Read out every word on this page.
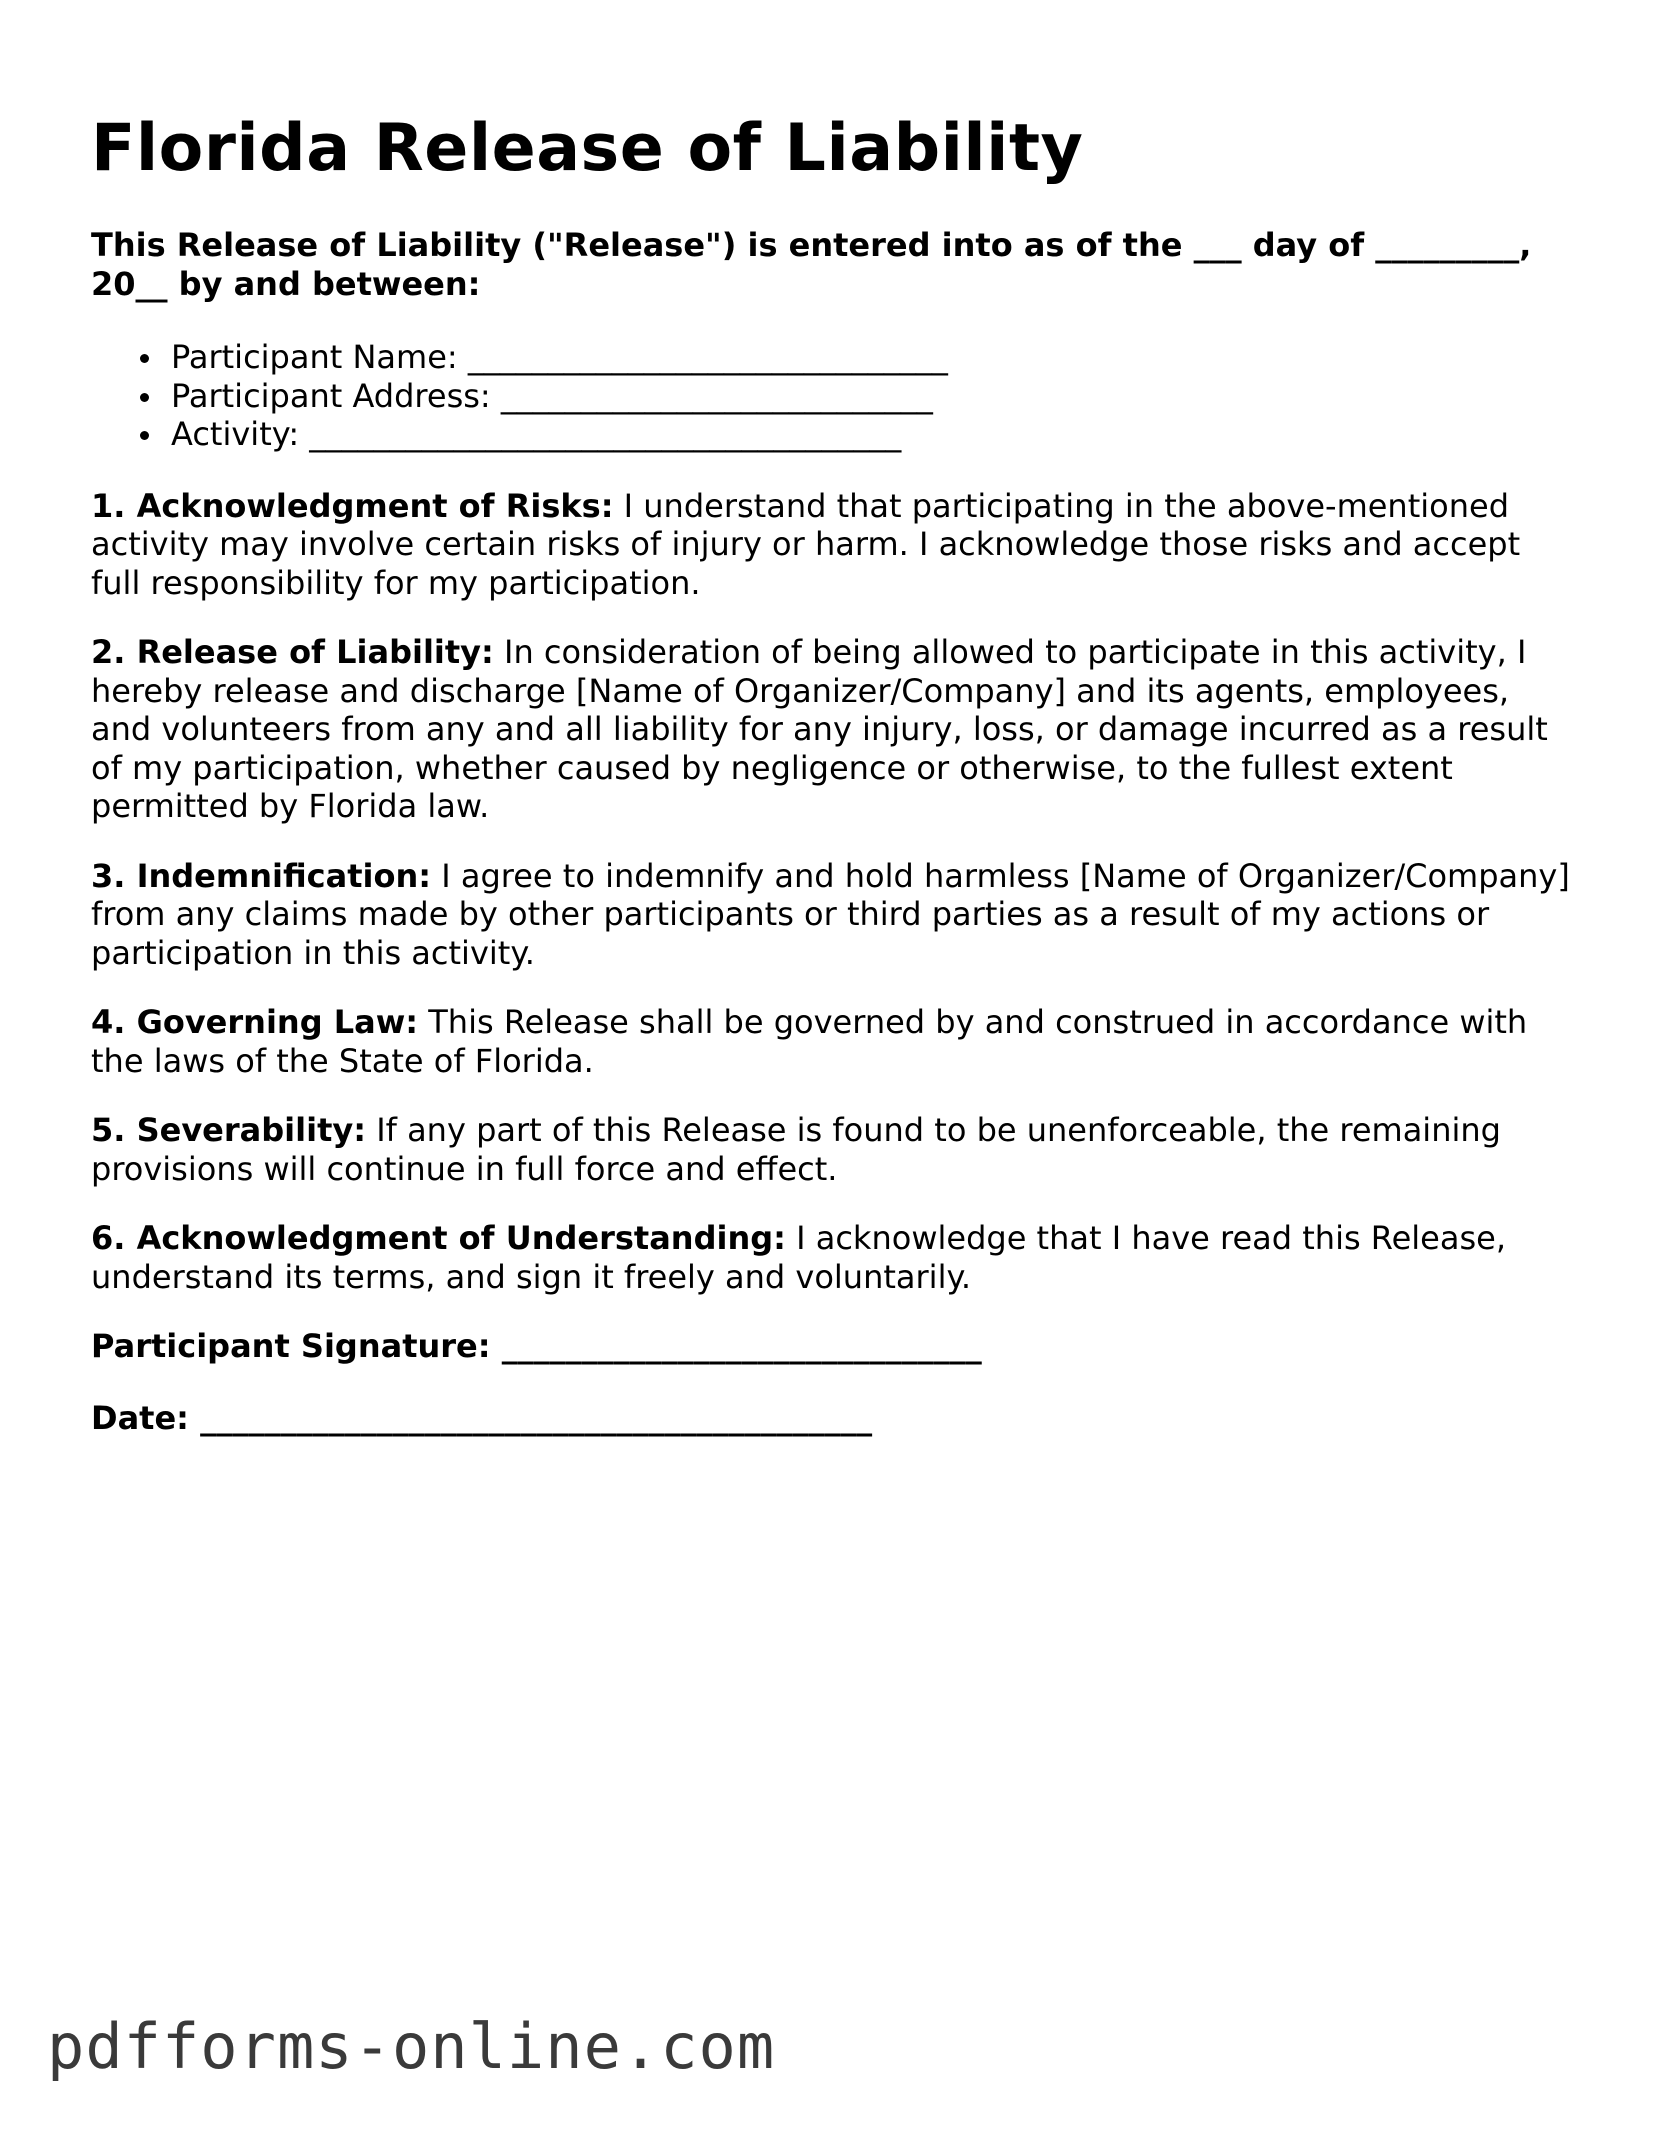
Florida Release of Liability

This Release of Liability ("Release") is entered into as of the ___ day of _________, 20__ by and between:

Participant Name: ______________________________
Participant Address: ___________________________
Activity: _____________________________________

1. Acknowledgment of Risks: I understand that participating in the above-mentioned activity may involve certain risks of injury or harm. I acknowledge those risks and accept full responsibility for my participation.

2. Release of Liability: In consideration of being allowed to participate in this activity, I hereby release and discharge [Name of Organizer/Company] and its agents, employees, and volunteers from any and all liability for any injury, loss, or damage incurred as a result of my participation, whether caused by negligence or otherwise, to the fullest extent permitted by Florida law.

3. Indemnification: I agree to indemnify and hold harmless [Name of Organizer/Company] from any claims made by other participants or third parties as a result of my actions or participation in this activity.

4. Governing Law: This Release shall be governed by and construed in accordance with the laws of the State of Florida.

5. Severability: If any part of this Release is found to be unenforceable, the remaining provisions will continue in full force and effect.

6. Acknowledgment of Understanding: I acknowledge that I have read this Release, understand its terms, and sign it freely and voluntarily.

Participant Signature: ______________________________

Date: __________________________________________

pdfforms-online.com
